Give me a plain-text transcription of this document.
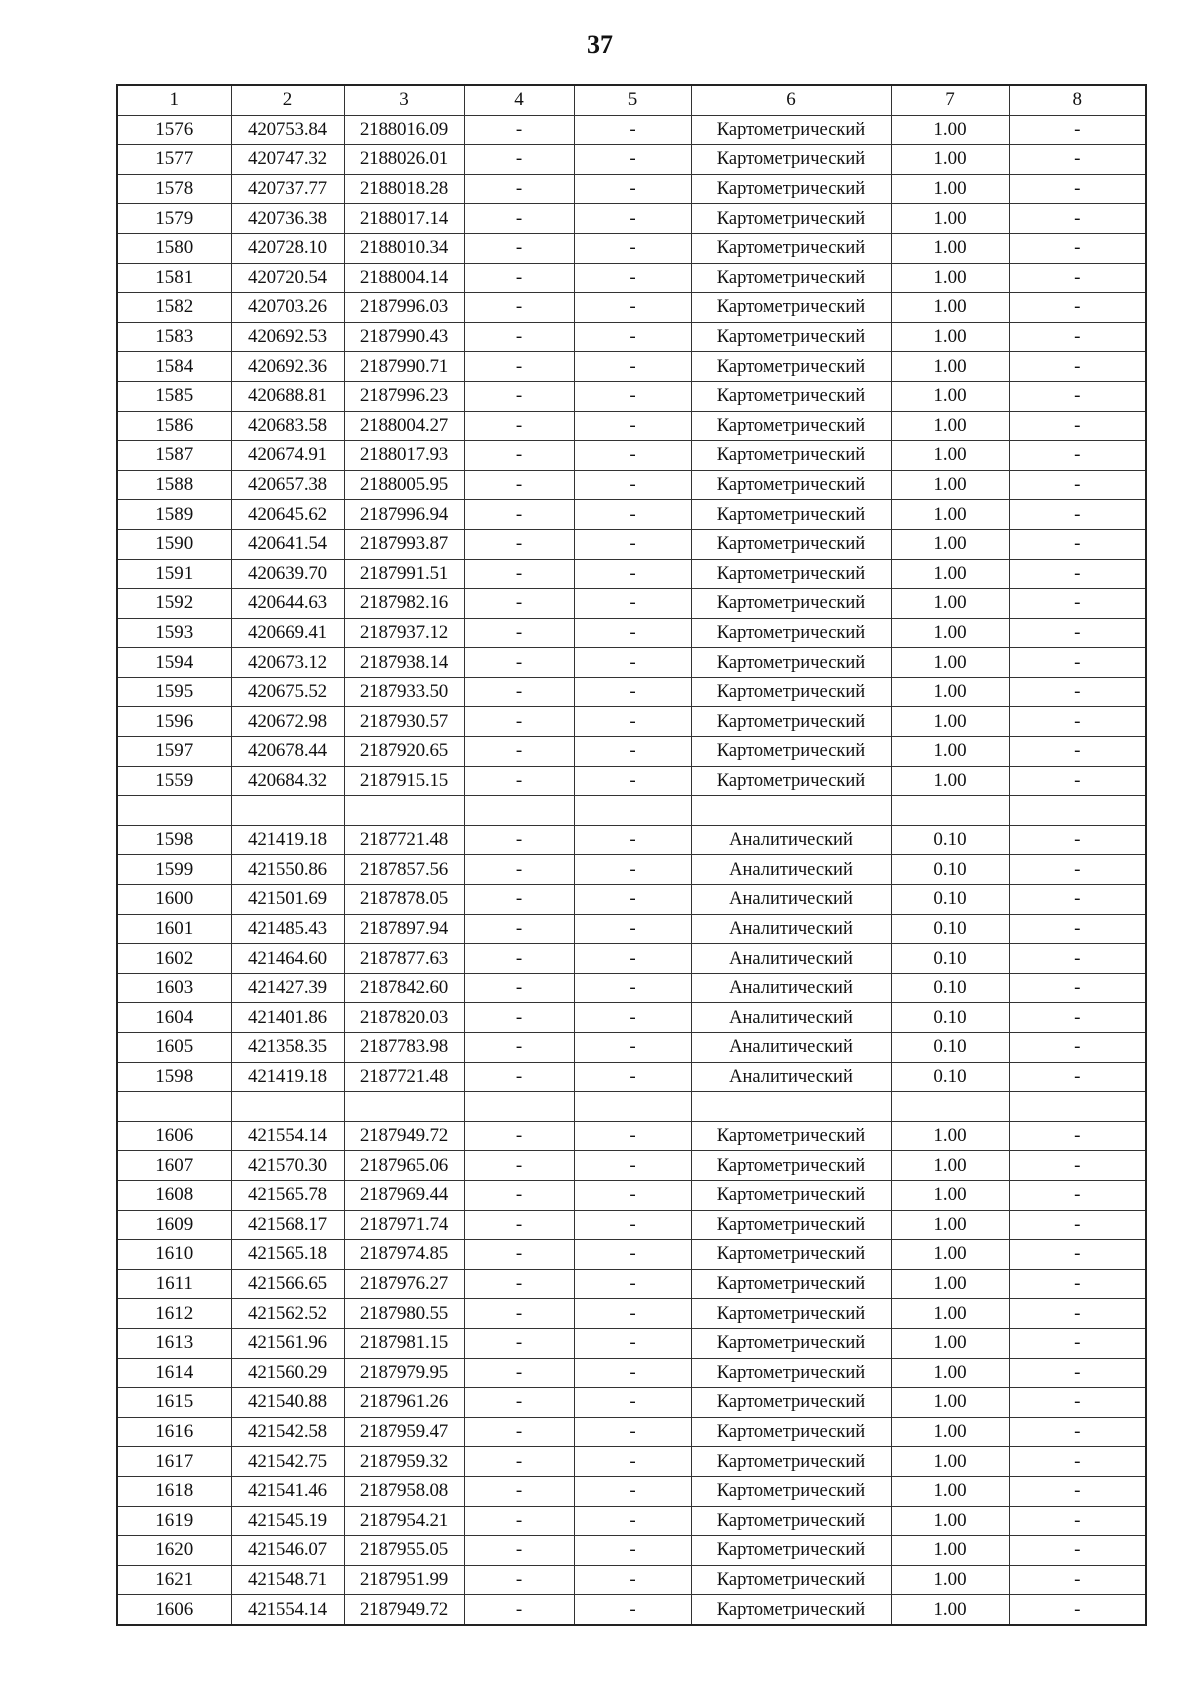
37
1	2	3	4	5	6	7	8
1576	420753.84	2188016.09	-	-	Картометрический	1.00	-
1577	420747.32	2188026.01	-	-	Картометрический	1.00	-
1578	420737.77	2188018.28	-	-	Картометрический	1.00	-
1579	420736.38	2188017.14	-	-	Картометрический	1.00	-
1580	420728.10	2188010.34	-	-	Картометрический	1.00	-
1581	420720.54	2188004.14	-	-	Картометрический	1.00	-
1582	420703.26	2187996.03	-	-	Картометрический	1.00	-
1583	420692.53	2187990.43	-	-	Картометрический	1.00	-
1584	420692.36	2187990.71	-	-	Картометрический	1.00	-
1585	420688.81	2187996.23	-	-	Картометрический	1.00	-
1586	420683.58	2188004.27	-	-	Картометрический	1.00	-
1587	420674.91	2188017.93	-	-	Картометрический	1.00	-
1588	420657.38	2188005.95	-	-	Картометрический	1.00	-
1589	420645.62	2187996.94	-	-	Картометрический	1.00	-
1590	420641.54	2187993.87	-	-	Картометрический	1.00	-
1591	420639.70	2187991.51	-	-	Картометрический	1.00	-
1592	420644.63	2187982.16	-	-	Картометрический	1.00	-
1593	420669.41	2187937.12	-	-	Картометрический	1.00	-
1594	420673.12	2187938.14	-	-	Картометрический	1.00	-
1595	420675.52	2187933.50	-	-	Картометрический	1.00	-
1596	420672.98	2187930.57	-	-	Картометрический	1.00	-
1597	420678.44	2187920.65	-	-	Картометрический	1.00	-
1559	420684.32	2187915.15	-	-	Картометрический	1.00	-

1598	421419.18	2187721.48	-	-	Аналитический	0.10	-
1599	421550.86	2187857.56	-	-	Аналитический	0.10	-
1600	421501.69	2187878.05	-	-	Аналитический	0.10	-
1601	421485.43	2187897.94	-	-	Аналитический	0.10	-
1602	421464.60	2187877.63	-	-	Аналитический	0.10	-
1603	421427.39	2187842.60	-	-	Аналитический	0.10	-
1604	421401.86	2187820.03	-	-	Аналитический	0.10	-
1605	421358.35	2187783.98	-	-	Аналитический	0.10	-
1598	421419.18	2187721.48	-	-	Аналитический	0.10	-

1606	421554.14	2187949.72	-	-	Картометрический	1.00	-
1607	421570.30	2187965.06	-	-	Картометрический	1.00	-
1608	421565.78	2187969.44	-	-	Картометрический	1.00	-
1609	421568.17	2187971.74	-	-	Картометрический	1.00	-
1610	421565.18	2187974.85	-	-	Картометрический	1.00	-
1611	421566.65	2187976.27	-	-	Картометрический	1.00	-
1612	421562.52	2187980.55	-	-	Картометрический	1.00	-
1613	421561.96	2187981.15	-	-	Картометрический	1.00	-
1614	421560.29	2187979.95	-	-	Картометрический	1.00	-
1615	421540.88	2187961.26	-	-	Картометрический	1.00	-
1616	421542.58	2187959.47	-	-	Картометрический	1.00	-
1617	421542.75	2187959.32	-	-	Картометрический	1.00	-
1618	421541.46	2187958.08	-	-	Картометрический	1.00	-
1619	421545.19	2187954.21	-	-	Картометрический	1.00	-
1620	421546.07	2187955.05	-	-	Картометрический	1.00	-
1621	421548.71	2187951.99	-	-	Картометрический	1.00	-
1606	421554.14	2187949.72	-	-	Картометрический	1.00	-
